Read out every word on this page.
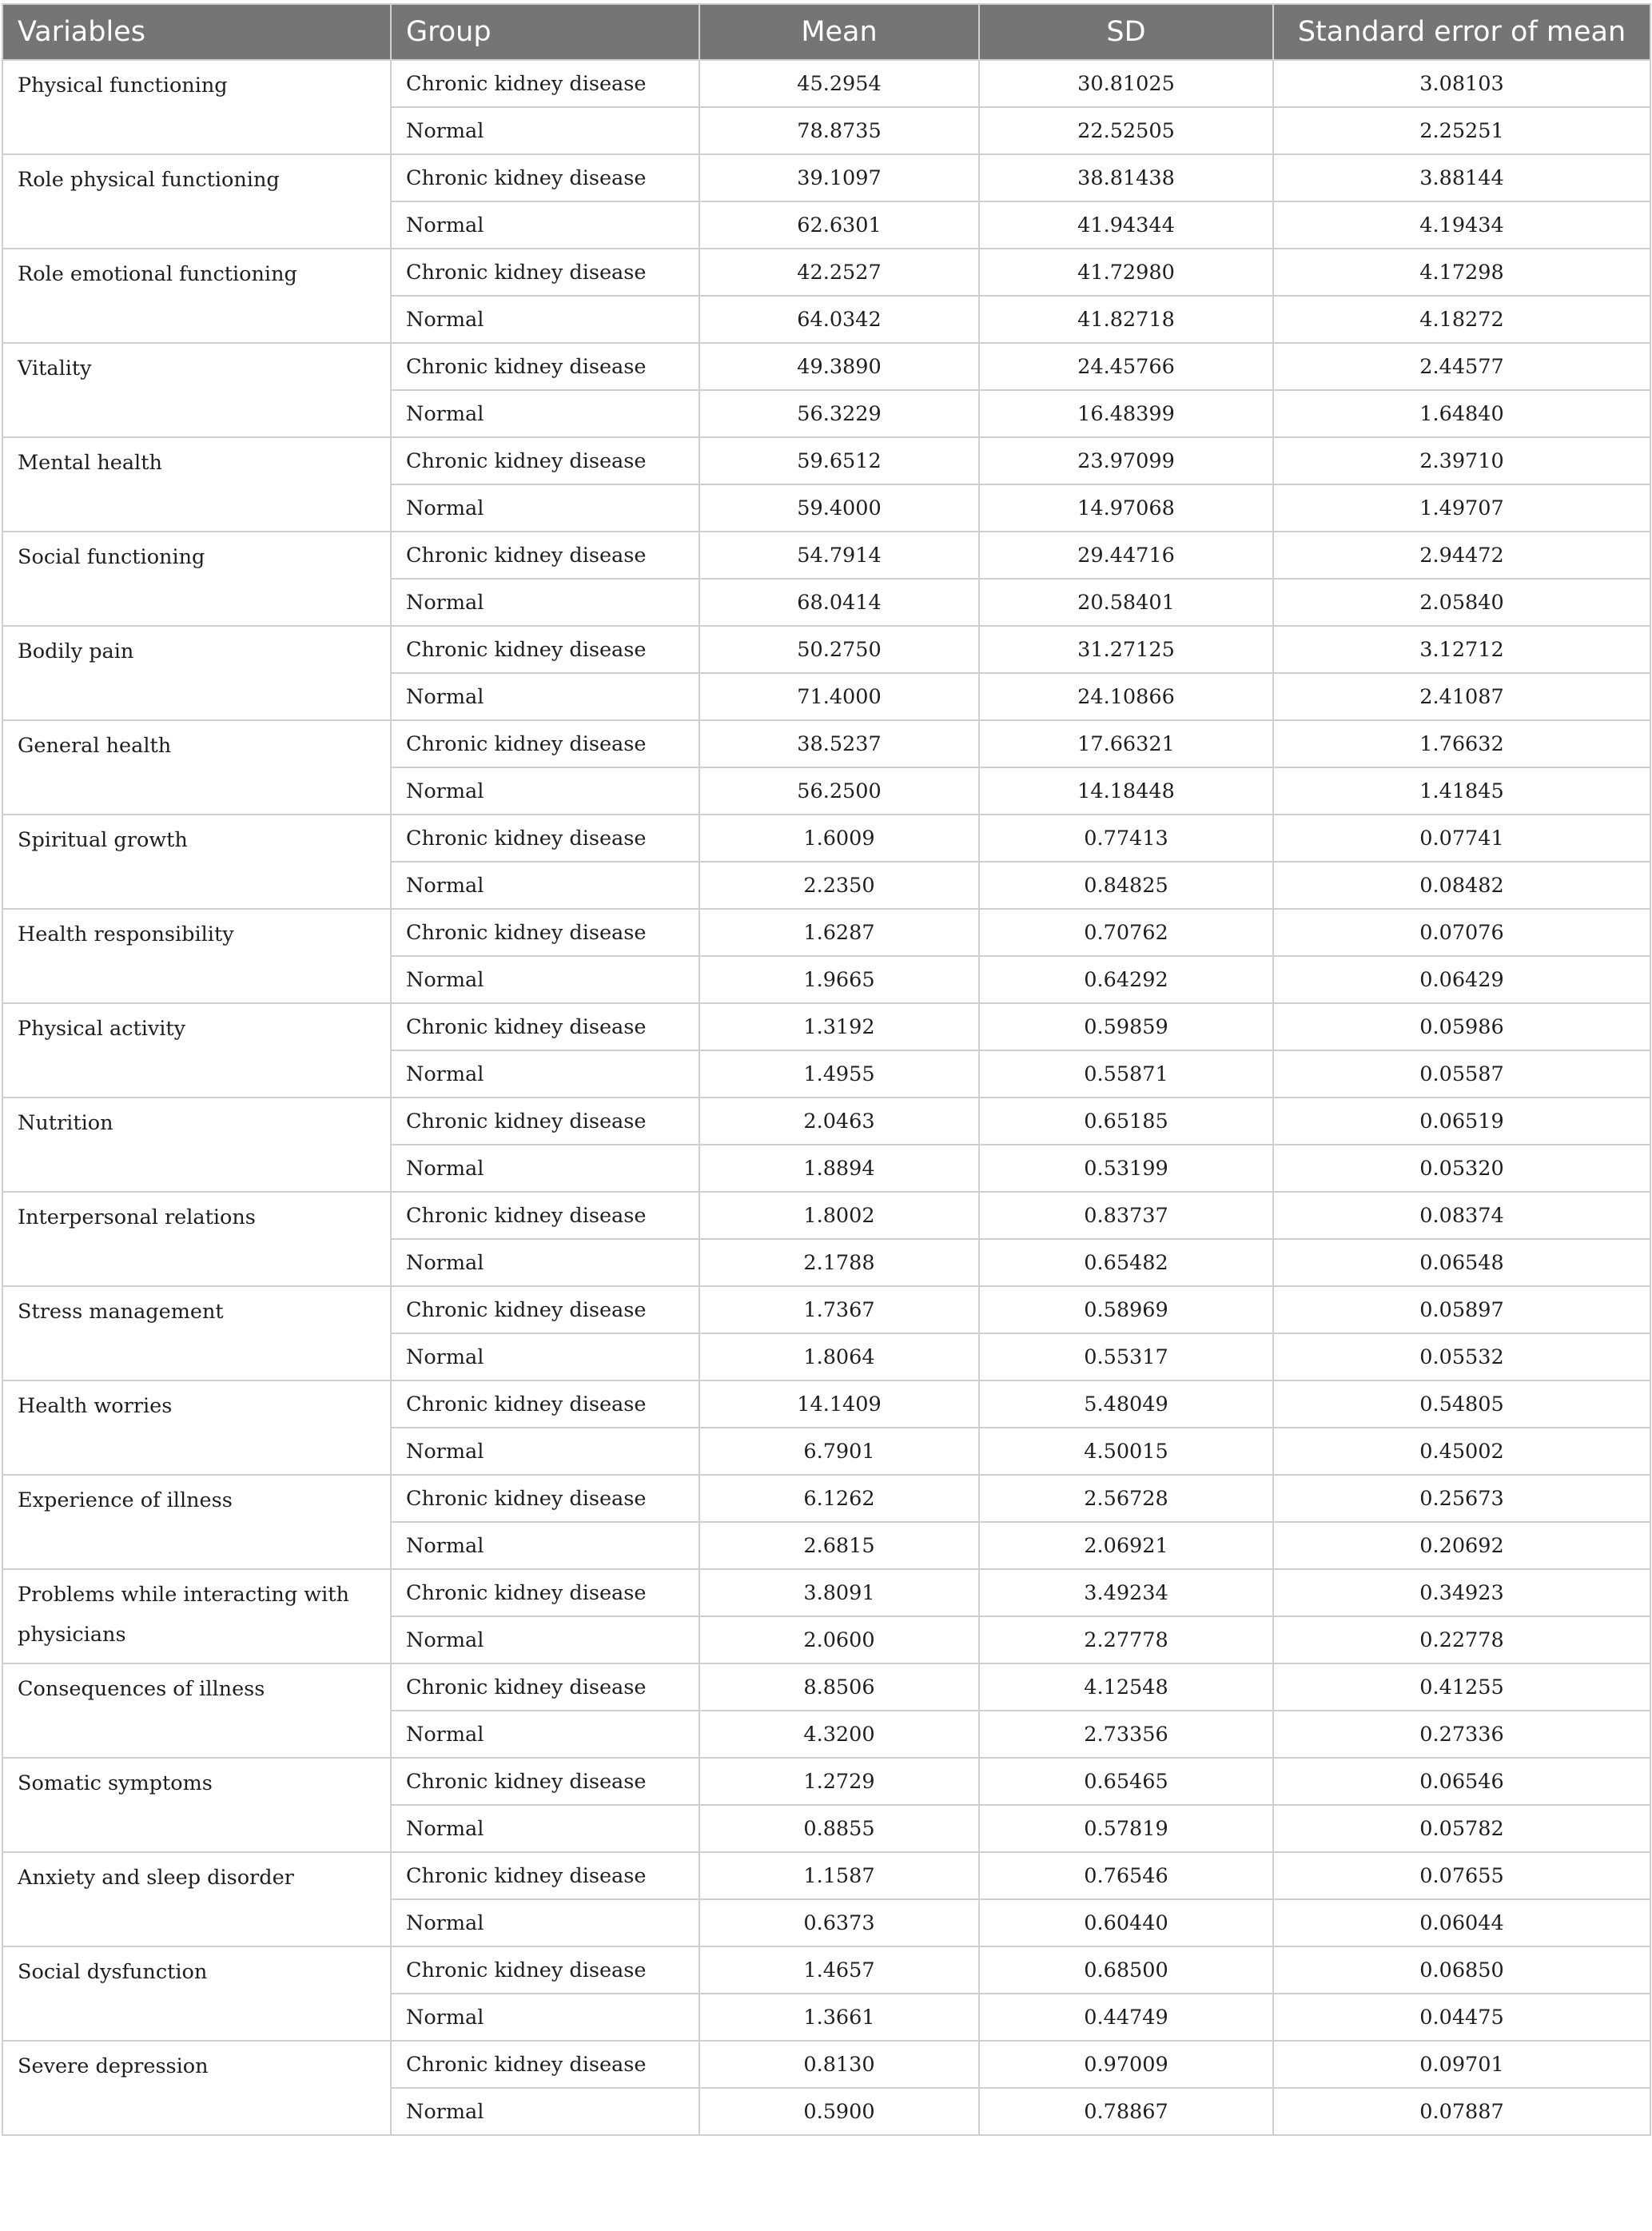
Variables	Group	Mean	SD	Standard error of mean

Physical functioning	Chronic kidney disease	45.2954	30.81025	3.08103
	Normal	78.8735	22.52505	2.25251

Role physical functioning	Chronic kidney disease	39.1097	38.81438	3.88144
	Normal	62.6301	41.94344	4.19434

Role emotional functioning	Chronic kidney disease	42.2527	41.72980	4.17298
	Normal	64.0342	41.82718	4.18272

Vitality	Chronic kidney disease	49.3890	24.45766	2.44577
	Normal	56.3229	16.48399	1.64840

Mental health	Chronic kidney disease	59.6512	23.97099	2.39710
	Normal	59.4000	14.97068	1.49707

Social functioning	Chronic kidney disease	54.7914	29.44716	2.94472
	Normal	68.0414	20.58401	2.05840

Bodily pain	Chronic kidney disease	50.2750	31.27125	3.12712
	Normal	71.4000	24.10866	2.41087

General health	Chronic kidney disease	38.5237	17.66321	1.76632
	Normal	56.2500	14.18448	1.41845

Spiritual growth	Chronic kidney disease	1.6009	0.77413	0.07741
	Normal	2.2350	0.84825	0.08482

Health responsibility	Chronic kidney disease	1.6287	0.70762	0.07076
	Normal	1.9665	0.64292	0.06429

Physical activity	Chronic kidney disease	1.3192	0.59859	0.05986
	Normal	1.4955	0.55871	0.05587

Nutrition	Chronic kidney disease	2.0463	0.65185	0.06519
	Normal	1.8894	0.53199	0.05320

Interpersonal relations	Chronic kidney disease	1.8002	0.83737	0.08374
	Normal	2.1788	0.65482	0.06548

Stress management	Chronic kidney disease	1.7367	0.58969	0.05897
	Normal	1.8064	0.55317	0.05532

Health worries	Chronic kidney disease	14.1409	5.48049	0.54805
	Normal	6.7901	4.50015	0.45002

Experience of illness	Chronic kidney disease	6.1262	2.56728	0.25673
	Normal	2.6815	2.06921	0.20692

Problems while interacting with physicians	Chronic kidney disease	3.8091	3.49234	0.34923
	Normal	2.0600	2.27778	0.22778

Consequences of illness	Chronic kidney disease	8.8506	4.12548	0.41255
	Normal	4.3200	2.73356	0.27336

Somatic symptoms	Chronic kidney disease	1.2729	0.65465	0.06546
	Normal	0.8855	0.57819	0.05782

Anxiety and sleep disorder	Chronic kidney disease	1.1587	0.76546	0.07655
	Normal	0.6373	0.60440	0.06044

Social dysfunction	Chronic kidney disease	1.4657	0.68500	0.06850
	Normal	1.3661	0.44749	0.04475

Severe depression	Chronic kidney disease	0.8130	0.97009	0.09701
	Normal	0.5900	0.78867	0.07887
